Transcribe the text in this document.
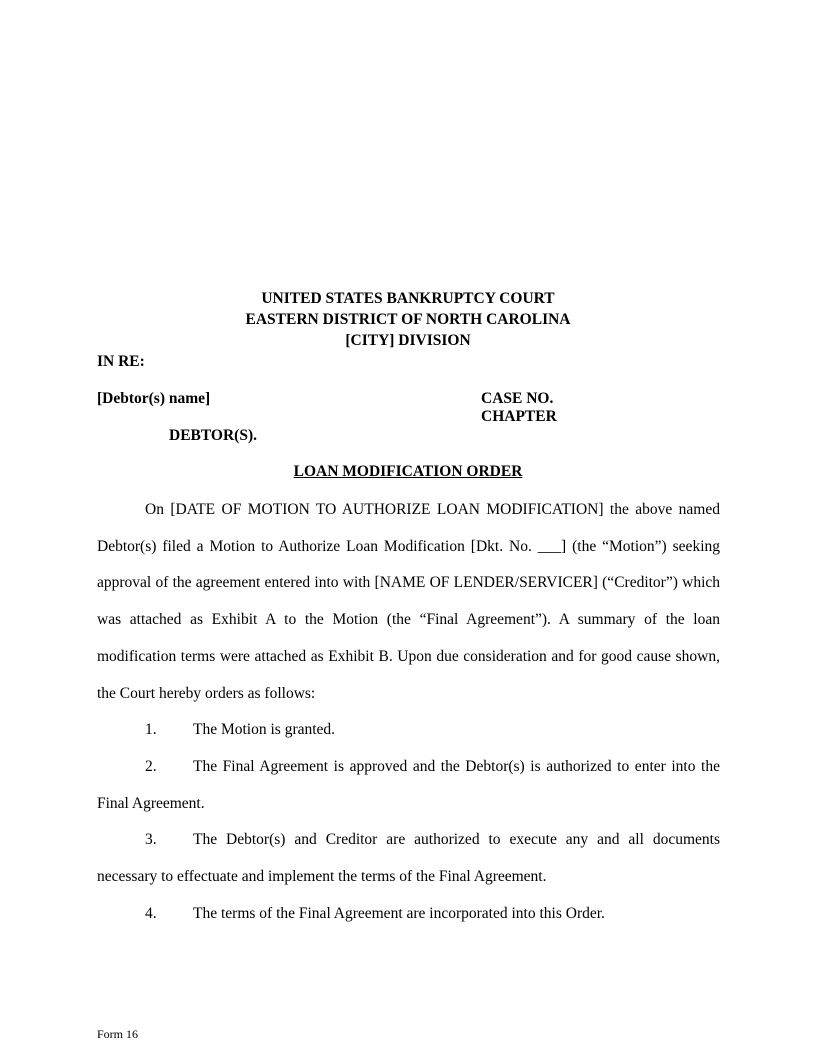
UNITED STATES BANKRUPTCY COURT
EASTERN DISTRICT OF NORTH CAROLINA
[CITY] DIVISION
IN RE:
[Debtor(s) name]	CASE NO.
CHAPTER
DEBTOR(S).
LOAN MODIFICATION ORDER
On [DATE OF MOTION TO AUTHORIZE LOAN MODIFICATION] the above named Debtor(s) filed a Motion to Authorize Loan Modification [Dkt. No. ___] (the “Motion”) seeking approval of the agreement entered into with [NAME OF LENDER/SERVICER] (“Creditor”) which was attached as Exhibit A to the Motion (the “Final Agreement”). A summary of the loan modification terms were attached as Exhibit B. Upon due consideration and for good cause shown, the Court hereby orders as follows:
1.	The Motion is granted.
2.	The Final Agreement is approved and the Debtor(s) is authorized to enter into the Final Agreement.
3.	The Debtor(s) and Creditor are authorized to execute any and all documents necessary to effectuate and implement the terms of the Final Agreement.
4.	The terms of the Final Agreement are incorporated into this Order.
Form 16
